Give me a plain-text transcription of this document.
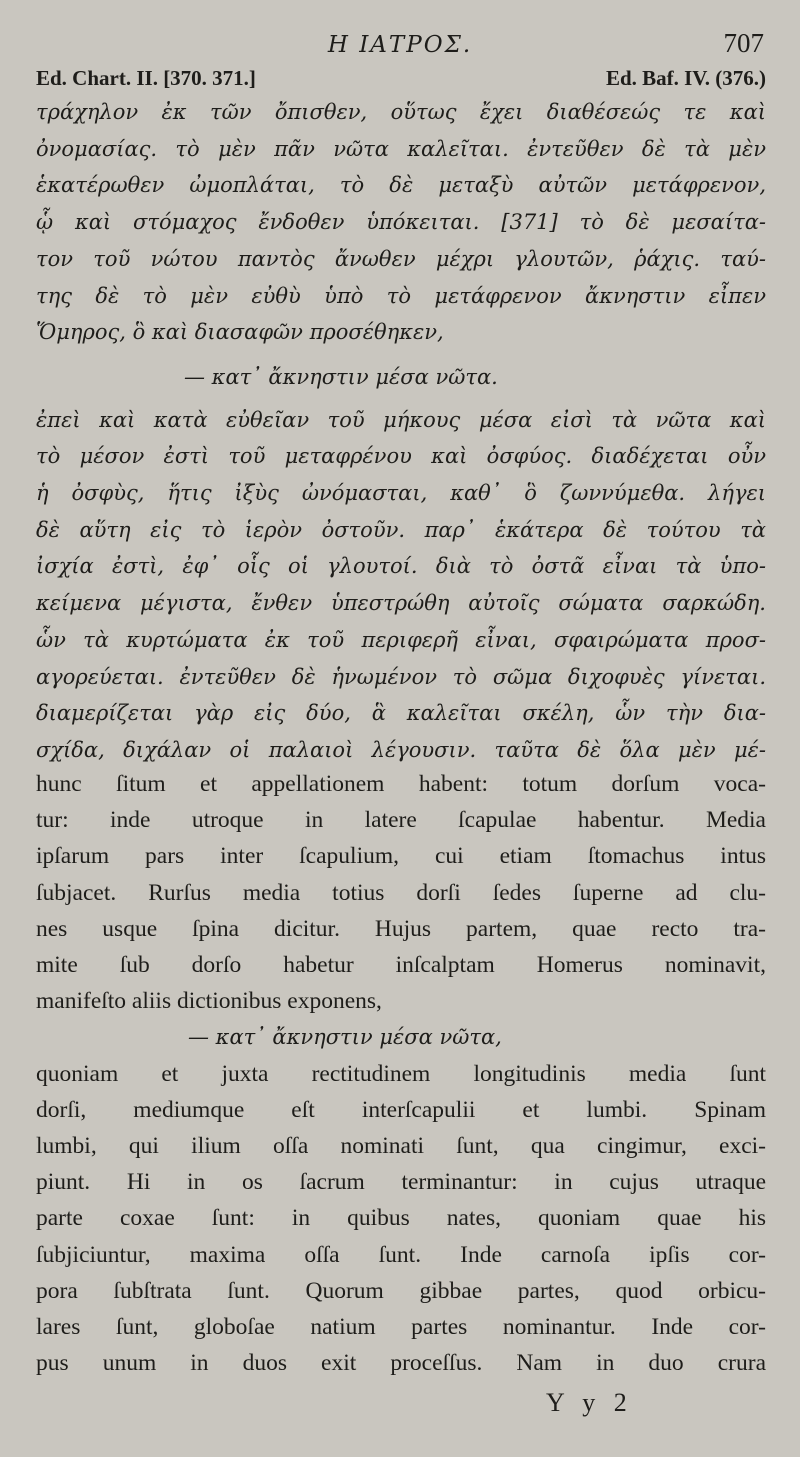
Η ΙΑΤΡΟΣ.	707
Ed. Chart. II. [370. 371.]	Ed. Baf. IV. (376.)
τράχηλον ἐκ τῶν ὄπισθεν, οὕτως ἔχει διαθέσεώς τε καὶ
ὀνομασίας. τὸ μὲν πᾶν νῶτα καλεῖται. ἐντεῦθεν δὲ τὰ μὲν
ἑκατέρωθεν ὠμοπλάται, τὸ δὲ μεταξὺ αὐτῶν μετάφρενον,
ᾧ καὶ στόμαχος ἔνδοθεν ὑπόκειται. [371] τὸ δὲ μεσαίτα-
τον τοῦ νώτου παντὸς ἄνωθεν μέχρι γλουτῶν, ῥάχις. ταύ-
της δὲ τὸ μὲν εὐθὺ ὑπὸ τὸ μετάφρενον ἄκνηστιν εἶπεν
Ὅμηρος, ὃ καὶ διασαφῶν προσέθηκεν,
— κατ᾽ ἄκνηστιν μέσα νῶτα.
ἐπεὶ καὶ κατὰ εὐθεῖαν τοῦ μήκους μέσα εἰσὶ τὰ νῶτα καὶ
τὸ μέσον ἐστὶ τοῦ μεταφρένου καὶ ὀσφύος. διαδέχεται οὖν
ἡ ὀσφὺς, ἥτις ἰξὺς ὠνόμασται, καθ᾽ ὃ ζωννύμεθα. λήγει
δὲ αὕτη εἰς τὸ ἱερὸν ὀστοῦν. παρ᾽ ἑκάτερα δὲ τούτου τὰ
ἰσχία ἐστὶ, ἐφ᾽ οἷς οἱ γλουτοί. διὰ τὸ ὀστᾶ εἶναι τὰ ὑπο-
κείμενα μέγιστα, ἔνθεν ὑπεστρώθη αὐτοῖς σώματα σαρκώδη.
ὧν τὰ κυρτώματα ἐκ τοῦ περιφερῆ εἶναι, σφαιρώματα προσ-
αγορεύεται. ἐντεῦθεν δὲ ἡνωμένον τὸ σῶμα διχοφυὲς γίνεται.
διαμερίζεται γὰρ εἰς δύο, ἃ καλεῖται σκέλη, ὧν τὴν δια-
σχίδα, διχάλαν οἱ παλαιοὶ λέγουσιν. ταῦτα δὲ ὅλα μὲν μέ-
hunc ſitum et appellationem habent: totum dorſum voca-
tur: inde utroque in latere ſcapulae habentur. Media
ipſarum pars inter ſcapulium, cui etiam ſtomachus intus
ſubjacet. Rurſus media totius dorſi ſedes ſuperne ad clu-
nes usque ſpina dicitur. Hujus partem, quae recto tra-
mite ſub dorſo habetur inſcalptam Homerus nominavit,
manifeſto aliis dictionibus exponens,
— κατ᾽ ἄκνηστιν μέσα νῶτα,
quoniam et juxta rectitudinem longitudinis media ſunt
dorſi, mediumque eſt interſcapulii et lumbi. Spinam
lumbi, qui ilium oſſa nominati ſunt, qua cingimur, exci-
piunt. Hi in os ſacrum terminantur: in cujus utraque
parte coxae ſunt: in quibus nates, quoniam quae his
ſubjiciuntur, maxima oſſa ſunt. Inde carnoſa ipſis cor-
pora ſubſtrata ſunt. Quorum gibbae partes, quod orbicu-
lares ſunt, globoſae natium partes nominantur. Inde cor-
pus unum in duos exit proceſſus. Nam in duo crura
Y y 2
